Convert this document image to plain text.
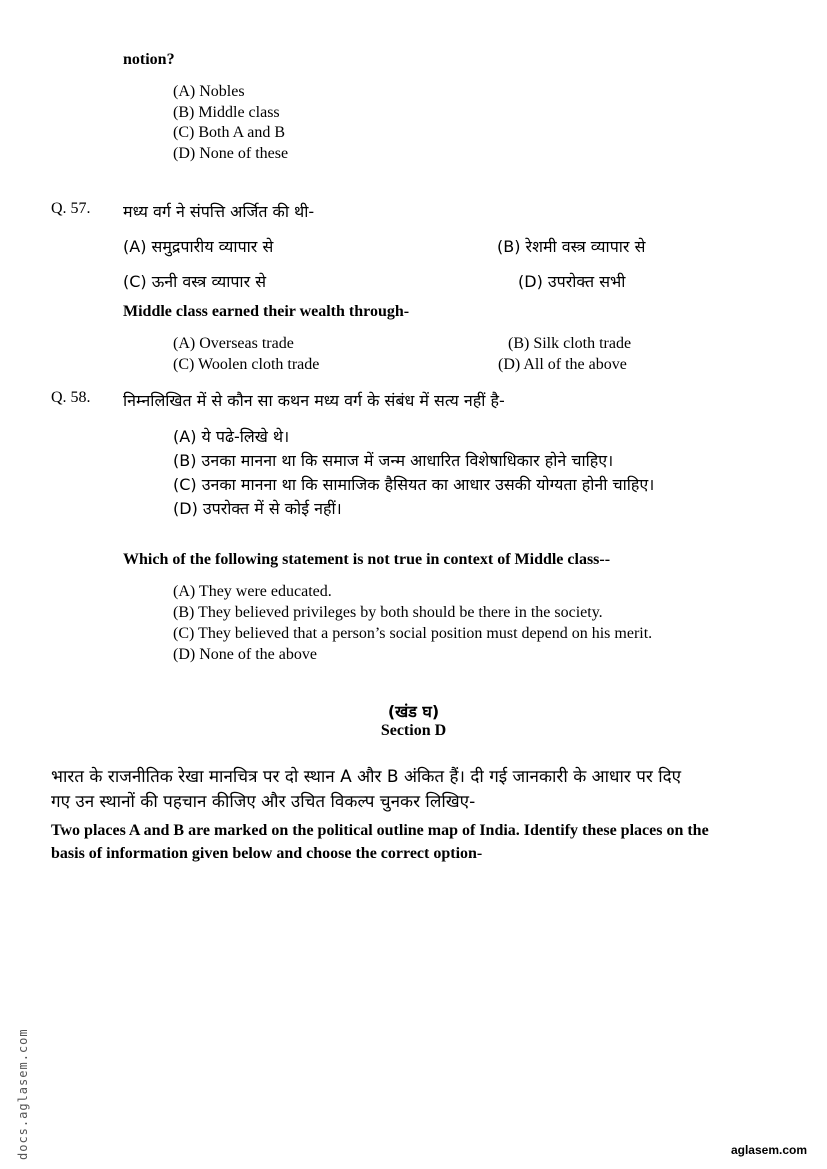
notion?
(A) Nobles
(B) Middle class
(C) Both A and B
(D) None of these
Q. 57. मध्य वर्ग ने संपत्ति अर्जित की थी-
(A) समुद्रपारीय व्यापार से	(B) रेशमी वस्त्र व्यापार से
(C) ऊनी वस्त्र व्यापार से	(D) उपरोक्त सभी
Middle class earned their wealth through-
(A) Overseas trade	(B) Silk cloth trade
(C) Woolen cloth trade	(D) All of the above
Q. 58. निम्नलिखित में से कौन सा कथन मध्य वर्ग के संबंध में सत्य नहीं है-
(A) ये पढे-लिखे थे।
(B) उनका मानना था कि समाज में जन्म आधारित विशेषाधिकार होने चाहिए।
(C) उनका मानना था कि सामाजिक हैसियत का आधार उसकी योग्यता होनी चाहिए।
(D) उपरोक्त में से कोई नहीं।
Which of the following statement is not true in context of Middle class--
(A) They were educated.
(B) They believed privileges by both should be there in the society.
(C) They believed that a person’s social position must depend on his merit.
(D) None of the above
(खंड घ)
Section D
भारत के राजनीतिक रेखा मानचित्र पर दो स्थान A और B अंकित हैं। दी गई जानकारी के आधार पर दिए
गए उन स्थानों की पहचान कीजिए और उचित विकल्प चुनकर लिखिए-
Two places A and B are marked on the political outline map of India. Identify these places on the
basis of information given below and choose the correct option-
docs.aglasem.com	aglasem.com
